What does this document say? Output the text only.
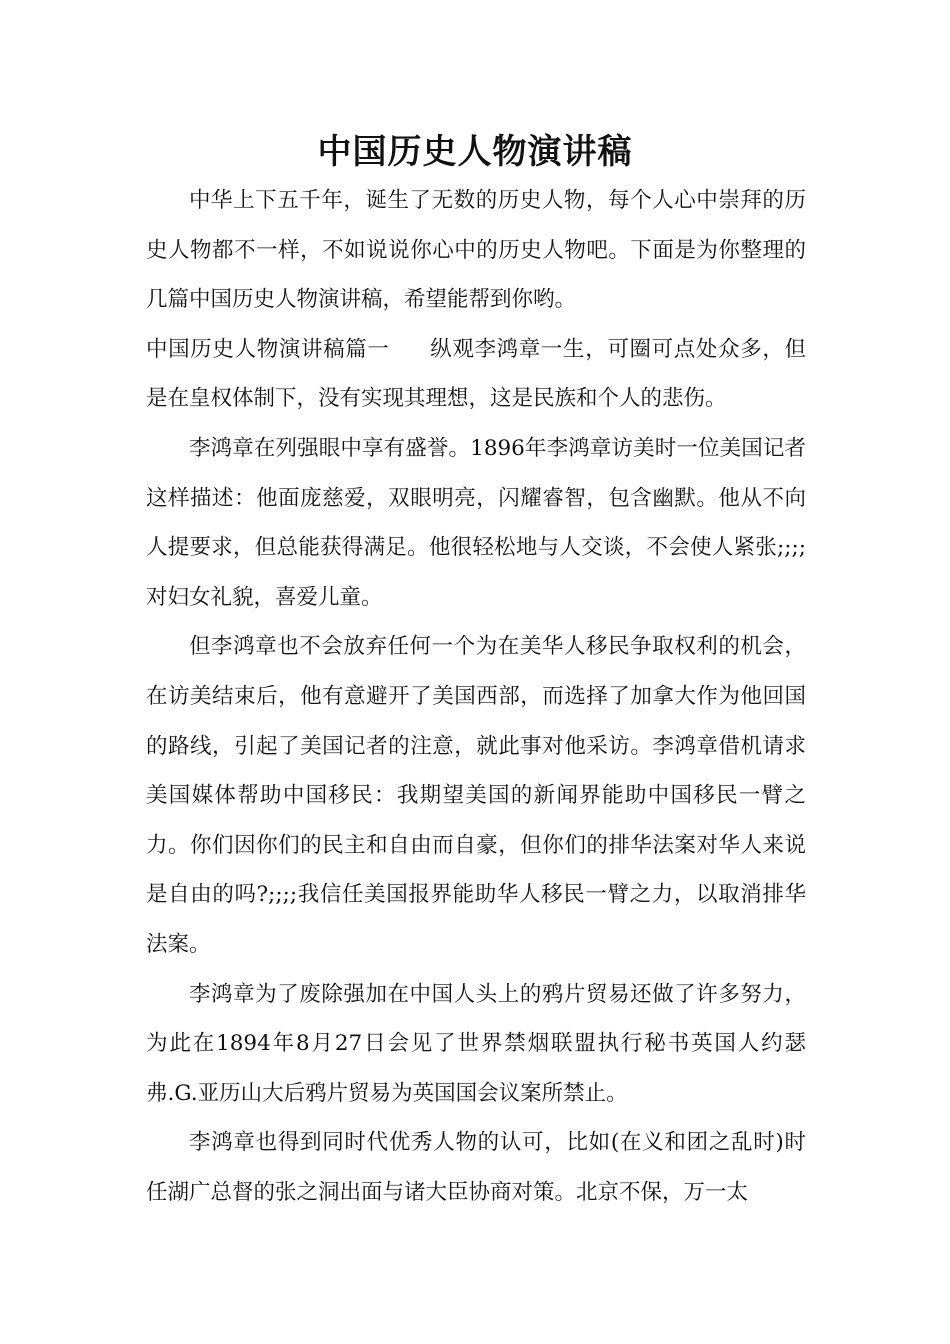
中国历史人物演讲稿

中华上下五千年，诞生了无数的历史人物，每个人心中崇拜的历史人物都不一样，不如说说你心中的历史人物吧。下面是为你整理的几篇中国历史人物演讲稿，希望能帮到你哟。

中国历史人物演讲稿篇一 纵观李鸿章一生，可圈可点处众多，但是在皇权体制下，没有实现其理想，这是民族和个人的悲伤。

李鸿章在列强眼中享有盛誉。1896年李鸿章访美时一位美国记者这样描述：他面庞慈爱，双眼明亮，闪耀睿智，包含幽默。他从不向人提要求，但总能获得满足。他很轻松地与人交谈，不会使人紧张;;;;对妇女礼貌，喜爱儿童。

但李鸿章也不会放弃任何一个为在美华人移民争取权利的机会，在访美结束后，他有意避开了美国西部，而选择了加拿大作为他回国的路线，引起了美国记者的注意，就此事对他采访。李鸿章借机请求美国媒体帮助中国移民：我期望美国的新闻界能助中国移民一臂之力。你们因你们的民主和自由而自豪，但你们的排华法案对华人来说是自由的吗?;;;;我信任美国报界能助华人移民一臂之力，以取消排华法案。

李鸿章为了废除强加在中国人头上的鸦片贸易还做了许多努力，为此在1894年8月27日会见了世界禁烟联盟执行秘书英国人约瑟弗.G.亚历山大后鸦片贸易为英国国会议案所禁止。

李鸿章也得到同时代优秀人物的认可，比如(在义和团之乱时)时任湖广总督的张之洞出面与诸大臣协商对策。北京不保，万一太
